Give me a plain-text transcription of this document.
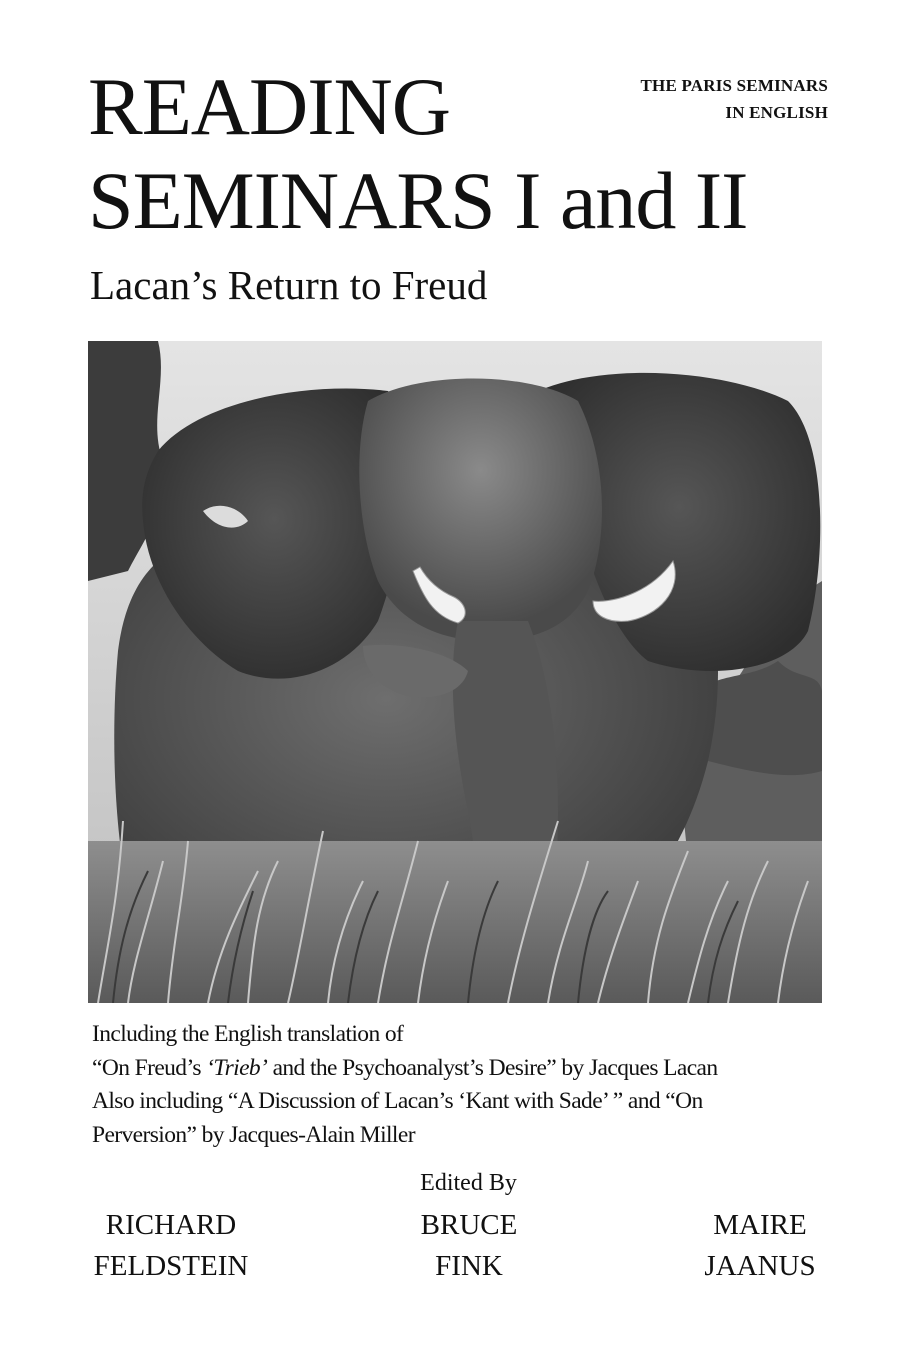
READING
SEMINARS I and II
THE PARIS SEMINARS
IN ENGLISH
Lacan’s Return to Freud
Including the English translation of
“On Freud’s ‘Trieb’ and the Psychoanalyst’s Desire” by Jacques Lacan
Also including “A Discussion of Lacan’s ‘Kant with Sade’ ” and “On
Perversion” by Jacques-Alain Miller
Edited By
RICHARD
FELDSTEIN
BRUCE
FINK
MAIRE
JAANUS
